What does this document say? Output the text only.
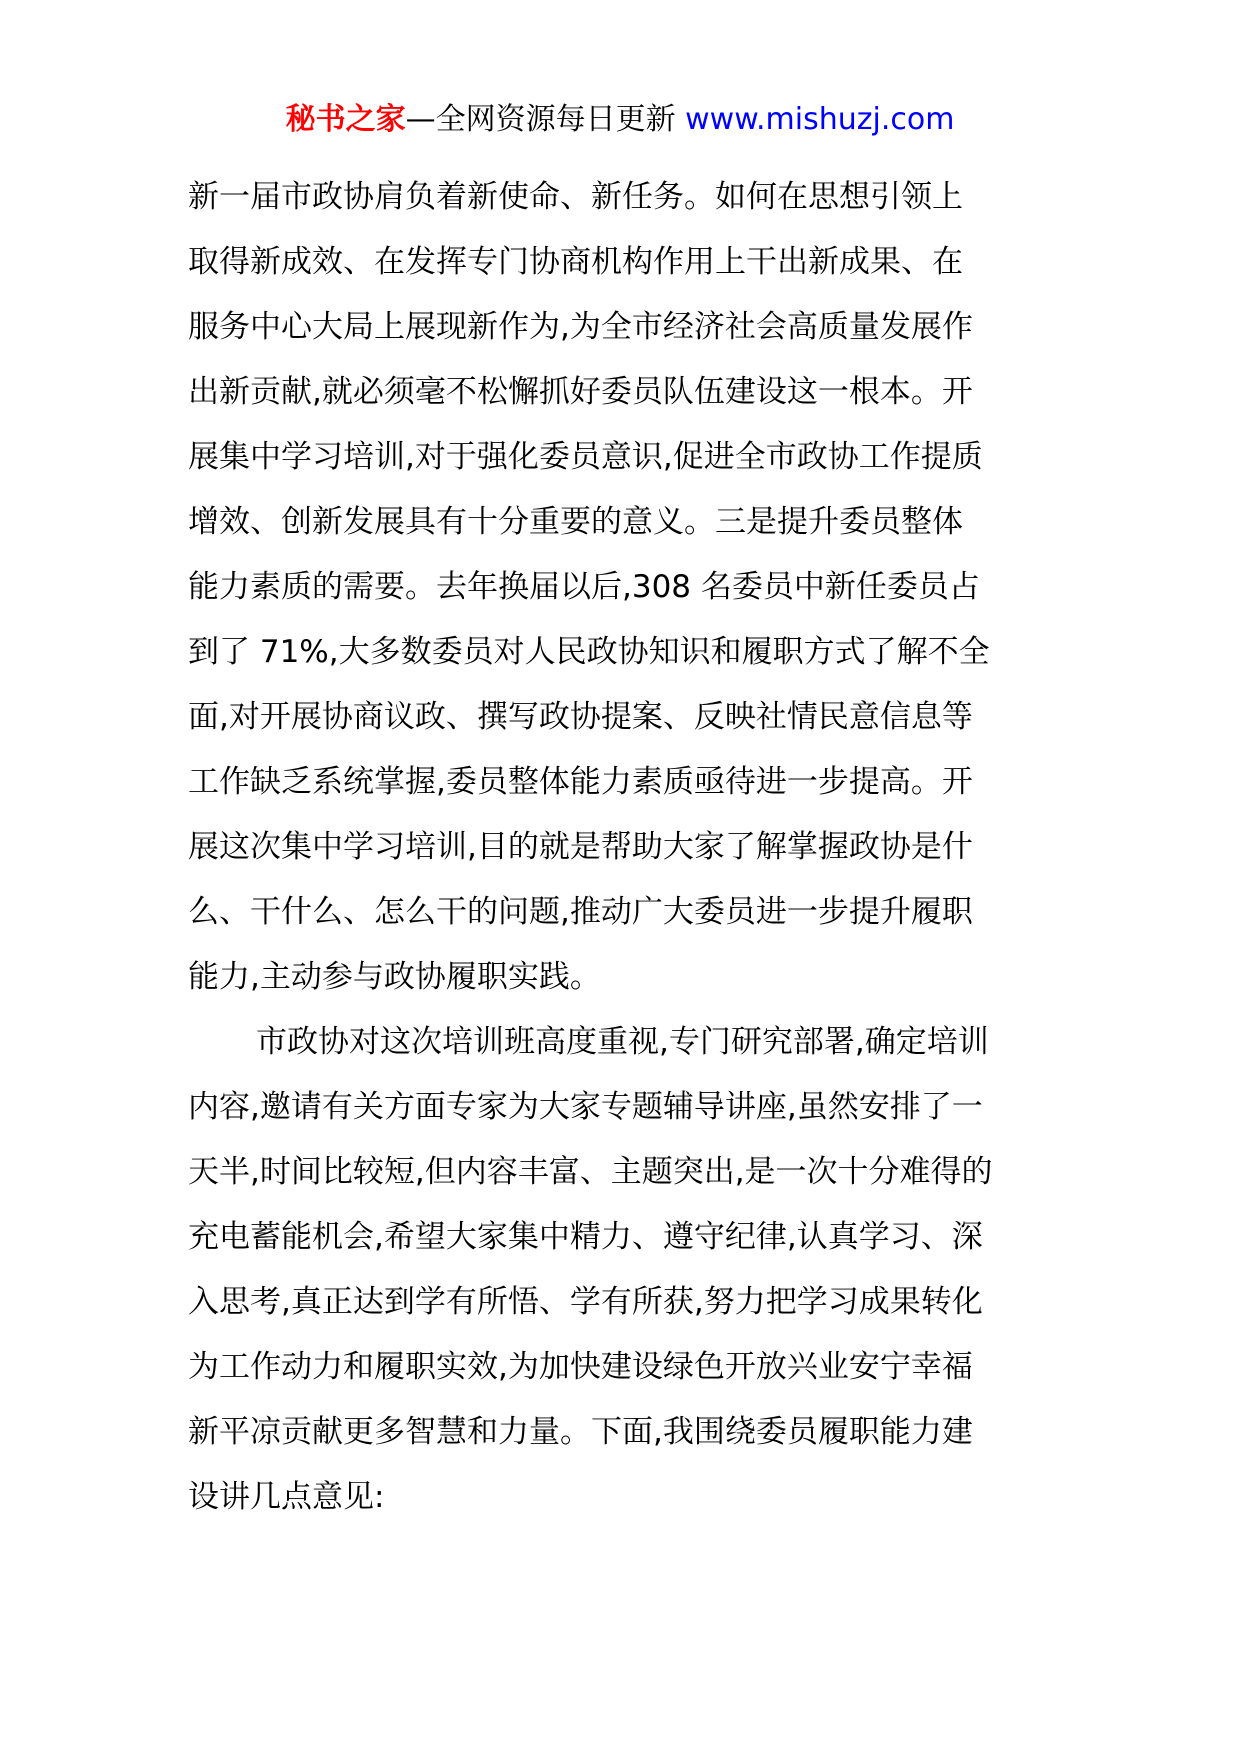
秘书之家—全网资源每日更新 www.mishuzj.com
新一届市政协肩负着新使命、新任务。如何在思想引领上
取得新成效、在发挥专门协商机构作用上干出新成果、在
服务中心大局上展现新作为,为全市经济社会高质量发展作
出新贡献,就必须毫不松懈抓好委员队伍建设这一根本。开
展集中学习培训,对于强化委员意识,促进全市政协工作提质
增效、创新发展具有十分重要的意义。三是提升委员整体
能力素质的需要。去年换届以后,308 名委员中新任委员占
到了 71%,大多数委员对人民政协知识和履职方式了解不全
面,对开展协商议政、撰写政协提案、反映社情民意信息等
工作缺乏系统掌握,委员整体能力素质亟待进一步提高。开
展这次集中学习培训,目的就是帮助大家了解掌握政协是什
么、干什么、怎么干的问题,推动广大委员进一步提升履职
能力,主动参与政协履职实践。
市政协对这次培训班高度重视,专门研究部署,确定培训
内容,邀请有关方面专家为大家专题辅导讲座,虽然安排了一
天半,时间比较短,但内容丰富、主题突出,是一次十分难得的
充电蓄能机会,希望大家集中精力、遵守纪律,认真学习、深
入思考,真正达到学有所悟、学有所获,努力把学习成果转化
为工作动力和履职实效,为加快建设绿色开放兴业安宁幸福
新平凉贡献更多智慧和力量。下面,我围绕委员履职能力建
设讲几点意见:
